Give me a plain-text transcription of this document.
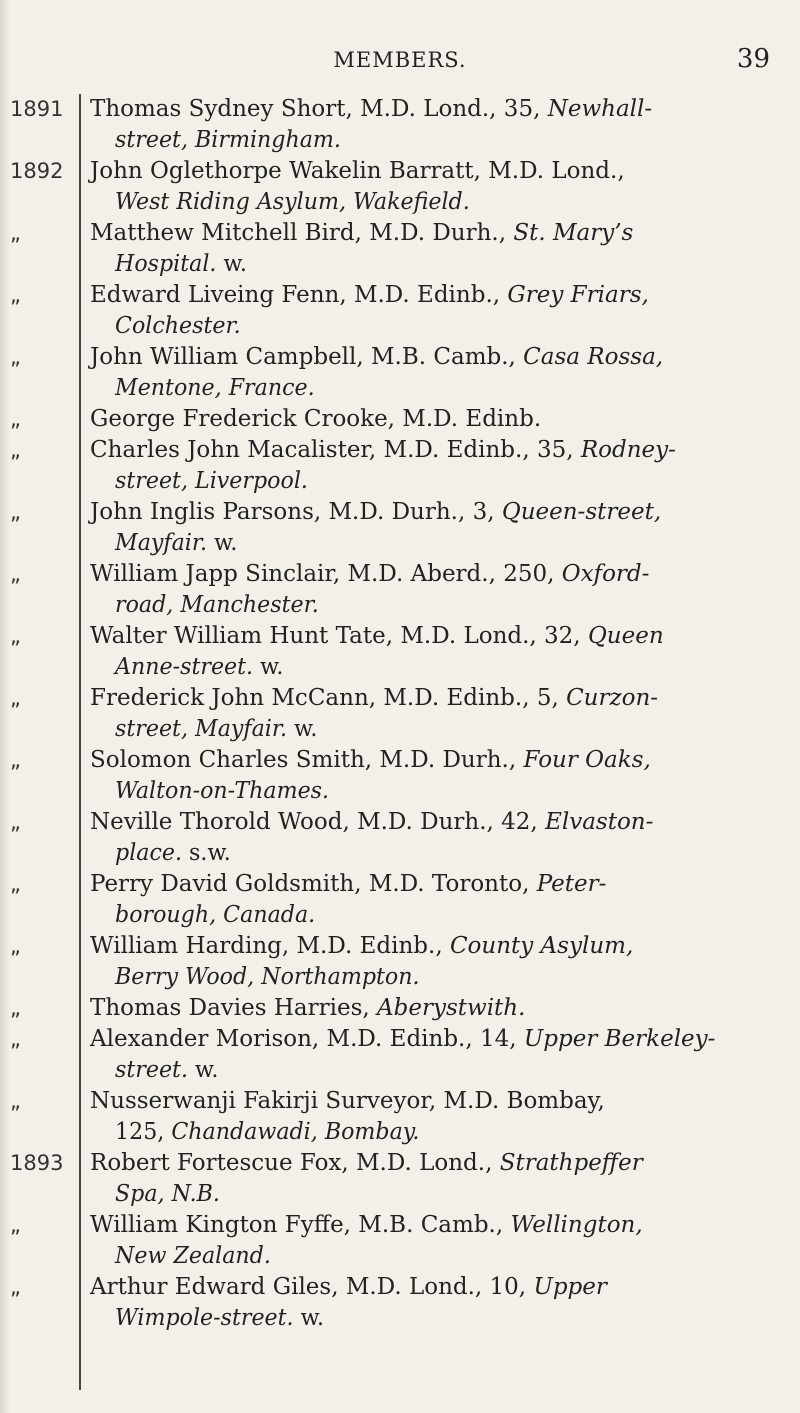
MEMBERS.	39
1891	Thomas Sydney Short, M.D. Lond., 35, Newhall-
street, Birmingham.
1892	John Oglethorpe Wakelin Barratt, M.D. Lond.,
West Riding Asylum, Wakefield.
„	Matthew Mitchell Bird, M.D. Durh., St. Mary’s
Hospital. w.
„	Edward Liveing Fenn, M.D. Edinb., Grey Friars,
Colchester.
„	John William Campbell, M.B. Camb., Casa Rossa,
Mentone, France.
„	George Frederick Crooke, M.D. Edinb.
„	Charles John Macalister, M.D. Edinb., 35, Rodney-
street, Liverpool.
„	John Inglis Parsons, M.D. Durh., 3, Queen-street,
Mayfair. w.
„	William Japp Sinclair, M.D. Aberd., 250, Oxford-
road, Manchester.
„	Walter William Hunt Tate, M.D. Lond., 32, Queen
Anne-street. w.
„	Frederick John McCann, M.D. Edinb., 5, Curzon-
street, Mayfair. w.
„	Solomon Charles Smith, M.D. Durh., Four Oaks,
Walton-on-Thames.
„	Neville Thorold Wood, M.D. Durh., 42, Elvaston-
place. s.w.
„	Perry David Goldsmith, M.D. Toronto, Peter-
borough, Canada.
„	William Harding, M.D. Edinb., County Asylum,
Berry Wood, Northampton.
„	Thomas Davies Harries, Aberystwith.
„	Alexander Morison, M.D. Edinb., 14, Upper Berkeley-
street. w.
„	Nusserwanji Fakirji Surveyor, M.D. Bombay,
125, Chandawadi, Bombay.
1893	Robert Fortescue Fox, M.D. Lond., Strathpeffer
Spa, N.B.
„	William Kington Fyffe, M.B. Camb., Wellington,
New Zealand.
„	Arthur Edward Giles, M.D. Lond., 10, Upper
Wimpole-street. w.
